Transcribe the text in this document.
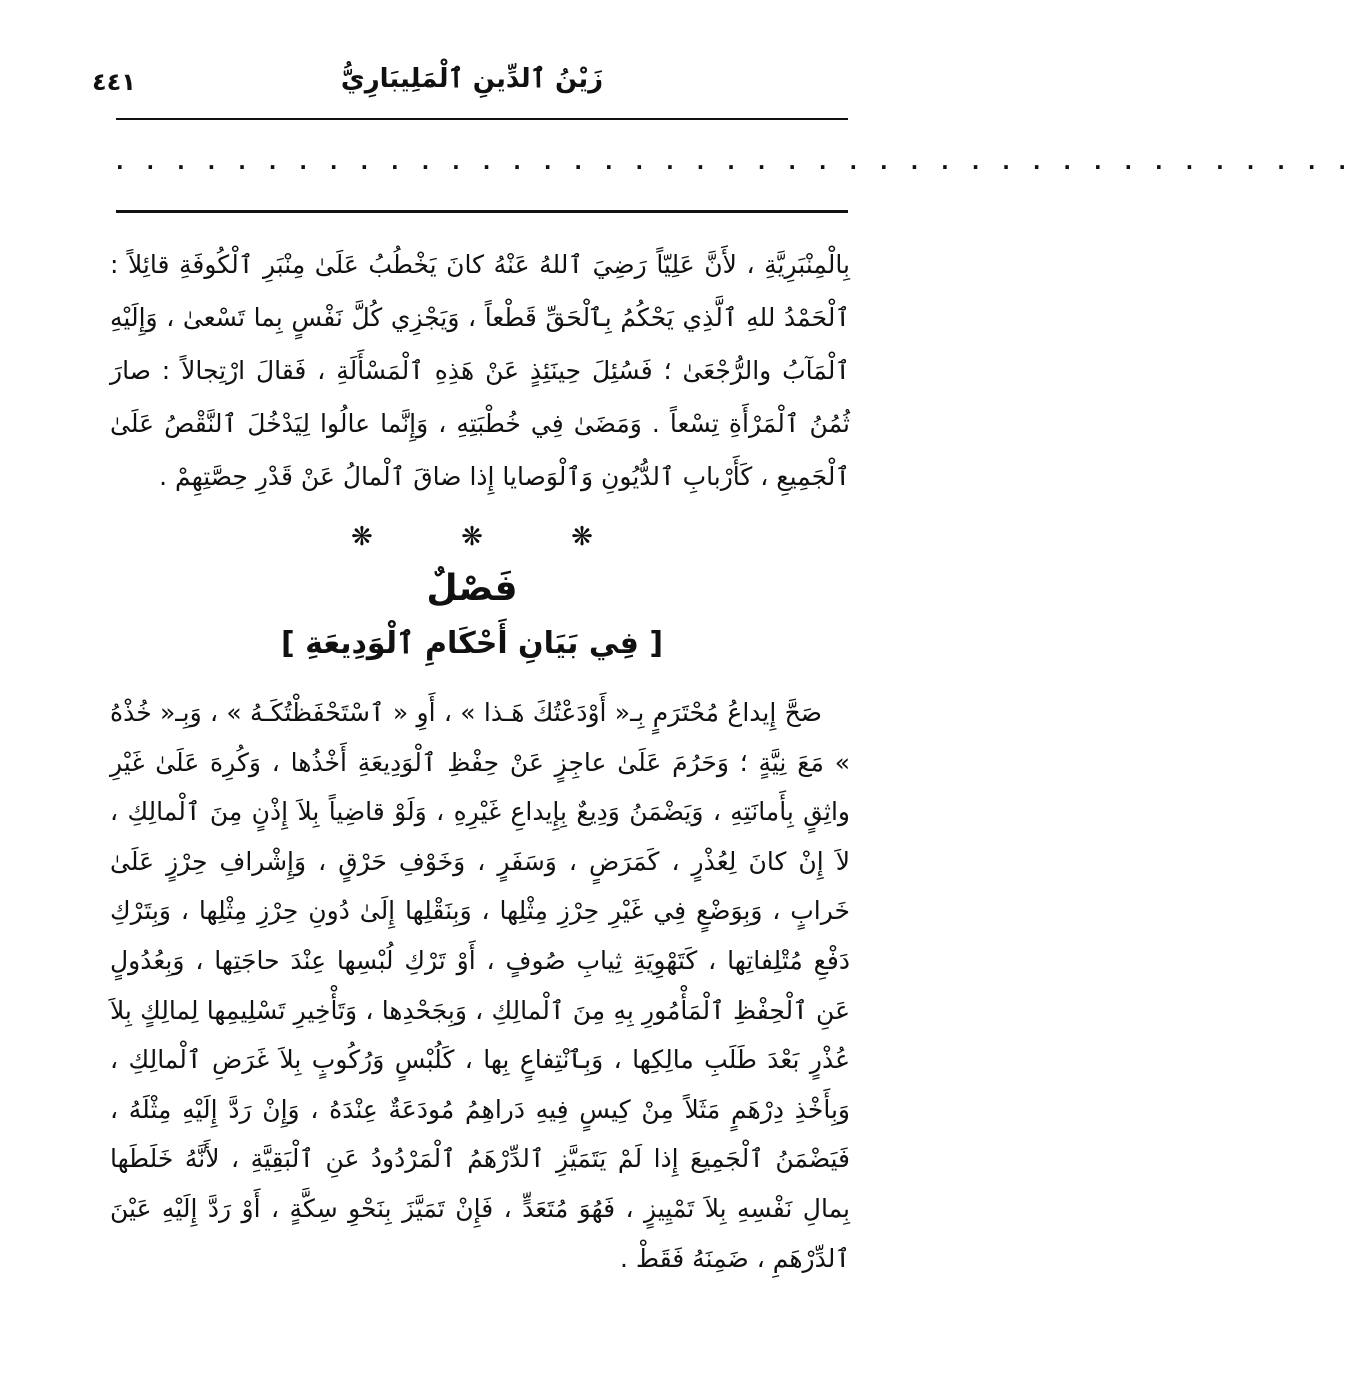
٤٤١	زَيْنُ ٱلدِّينِ ٱلْمَلِيبَارِيُّ
. . . . . . . . . . . . . . . . . . . . . . . . . . . . . . . . . . . . . . . . .

بِالْمِنْبَرِيَّةِ ، لأَنَّ عَلِيّاً رَضِيَ ٱللهُ عَنْهُ كانَ يَخْطُبُ عَلَىٰ مِنْبَرِ ٱلْكُوفَةِ قائِلاً : ٱلْحَمْدُ للهِ ٱلَّذِي يَحْكُمُ بِٱلْحَقِّ قَطْعاً ، وَيَجْزِي كُلَّ نَفْسٍ بِما تَسْعىٰ ، وَإِلَيْهِ ٱلْمَآبُ والرُّجْعَىٰ ؛ فَسُئِلَ حِينَئِذٍ عَنْ هَذِهِ ٱلْمَسْأَلَةِ ، فَقالَ ارْتِجالاً : صارَ ثُمُنُ ٱلْمَرْأَةِ تِسْعاً . وَمَضَىٰ فِي خُطْبَتِهِ ، وَإِنَّما عالُوا لِيَدْخُلَ ٱلنَّقْصُ عَلَىٰ ٱلْجَمِيعِ ، كَأَرْبابِ ٱلدُّيُونِ وَٱلْوَصايا إِذا ضاقَ ٱلْمالُ عَنْ قَدْرِ حِصَّتِهِمْ .

❋ ❋ ❋
فَصْلٌ
[ فِي بَيَانِ أَحْكَامِ ٱلْوَدِيعَةِ ]

صَحَّ إِيداعُ مُحْتَرَمٍ بِـ« أَوْدَعْتُكَ هَـذا » ، أَوِ « ٱسْتَحْفَظْتُكَـهُ » ، وَبِـ« خُذْهُ » مَعَ نِيَّةٍ ؛ وَحَرُمَ عَلَىٰ عاجِزٍ عَنْ حِفْظِ ٱلْوَدِيعَةِ أَخْذُها ، وَكُرِهَ عَلَىٰ غَيْرِ واثِقٍ بِأَمانَتِهِ ، وَيَضْمَنُ وَدِيعٌ بِإِيداعِ غَيْرِهِ ، وَلَوْ قاضِياً بِلاَ إِذْنٍ مِنَ ٱلْمالِكِ ، لاَ إِنْ كانَ لِعُذْرٍ ، كَمَرَضٍ ، وَسَفَرٍ ، وَخَوْفِ حَرْقٍ ، وَإِشْرافِ حِرْزٍ عَلَىٰ خَرابٍ ، وَبِوَضْعٍ فِي غَيْرِ حِرْزِ مِثْلِها ، وَبِنَقْلِها إِلَىٰ دُونِ حِرْزِ مِثْلِها ، وَبِتَرْكِ دَفْعِ مُتْلِفاتِها ، كَتَهْوِيَةِ ثِيابِ صُوفٍ ، أَوْ تَرْكِ لُبْسِها عِنْدَ حاجَتِها ، وَبِعُدُولٍ عَنِ ٱلْحِفْظِ ٱلْمَأْمُورِ بِهِ مِنَ ٱلْمالِكِ ، وَبِجَحْدِها ، وَتَأْخِيرِ تَسْلِيمِها لِمالِكٍ بِلاَ عُذْرٍ بَعْدَ طَلَبِ مالِكِها ، وَبِٱنْتِفاعٍ بِها ، كَلُبْسٍ وَرُكُوبٍ بِلاَ غَرَضِ ٱلْمالِكِ ، وَبِأَخْذِ دِرْهَمٍ مَثَلاً مِنْ كِيسٍ فِيهِ دَراهِمُ مُودَعَةٌ عِنْدَهُ ، وَإِنْ رَدَّ إِلَيْهِ مِثْلَهُ ، فَيَضْمَنُ ٱلْجَمِيعَ إِذا لَمْ يَتَمَيَّزِ ٱلدِّرْهَمُ ٱلْمَرْدُودُ عَنِ ٱلْبَقِيَّةِ ، لأَنَّهُ خَلَطَها بِمالِ نَفْسِهِ بِلاَ تَمْيِيزٍ ، فَهُوَ مُتَعَدٍّ ، فَإِنْ تَمَيَّزَ بِنَحْوِ سِكَّةٍ ، أَوْ رَدَّ إِلَيْهِ عَيْنَ ٱلدِّرْهَمِ ، ضَمِنَهُ فَقَطْ .
